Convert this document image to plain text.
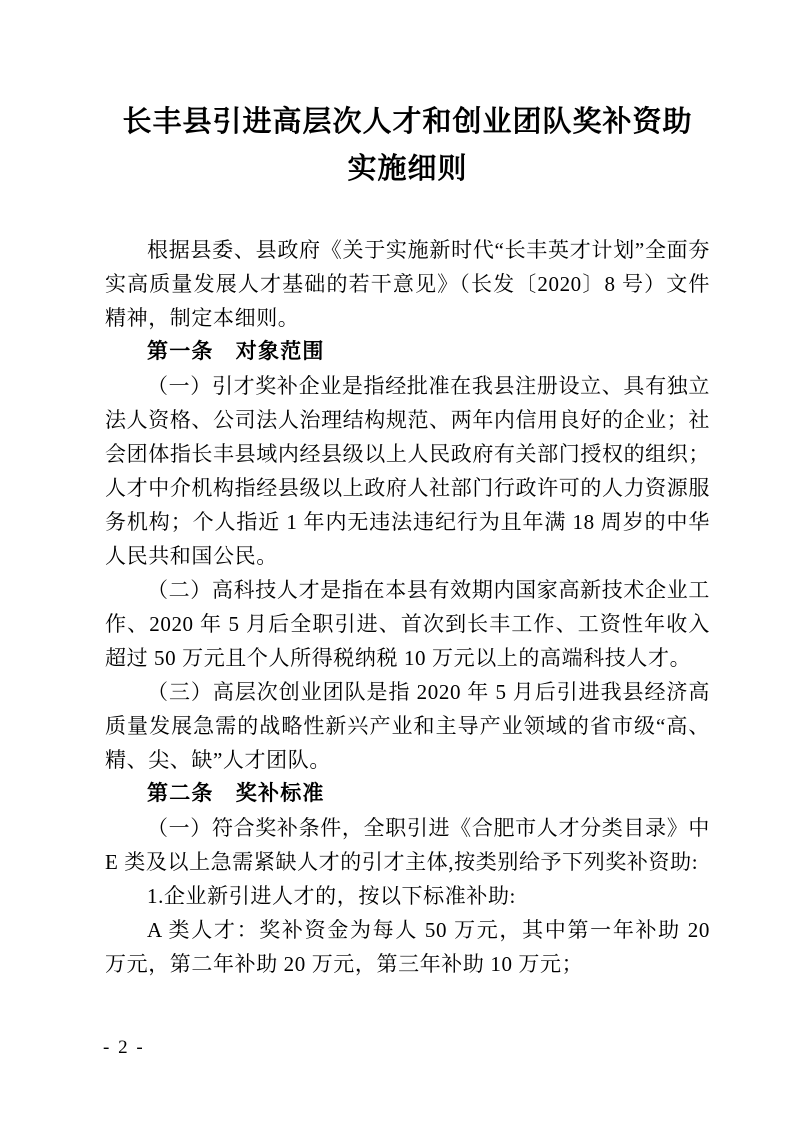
长丰县引进高层次人才和创业团队奖补资助
实施细则

根据县委、县政府《关于实施新时代“长丰英才计划”全面夯实高质量发展人才基础的若干意见》（长发〔2020〕8 号）文件精神，制定本细则。

第一条　对象范围

（一）引才奖补企业是指经批准在我县注册设立、具有独立法人资格、公司法人治理结构规范、两年内信用良好的企业；社会团体指长丰县域内经县级以上人民政府有关部门授权的组织；人才中介机构指经县级以上政府人社部门行政许可的人力资源服务机构；个人指近 1 年内无违法违纪行为且年满 18 周岁的中华人民共和国公民。

（二）高科技人才是指在本县有效期内国家高新技术企业工作、2020 年 5 月后全职引进、首次到长丰工作、工资性年收入超过 50 万元且个人所得税纳税 10 万元以上的高端科技人才。

（三）高层次创业团队是指 2020 年 5 月后引进我县经济高质量发展急需的战略性新兴产业和主导产业领域的省市级“高、精、尖、缺”人才团队。

第二条　奖补标准

（一）符合奖补条件，全职引进《合肥市人才分类目录》中E 类及以上急需紧缺人才的引才主体,按类别给予下列奖补资助:

1.企业新引进人才的，按以下标准补助:

A 类人才：奖补资金为每人 50 万元，其中第一年补助 20 万元，第二年补助 20 万元，第三年补助 10 万元；

- 2 -
